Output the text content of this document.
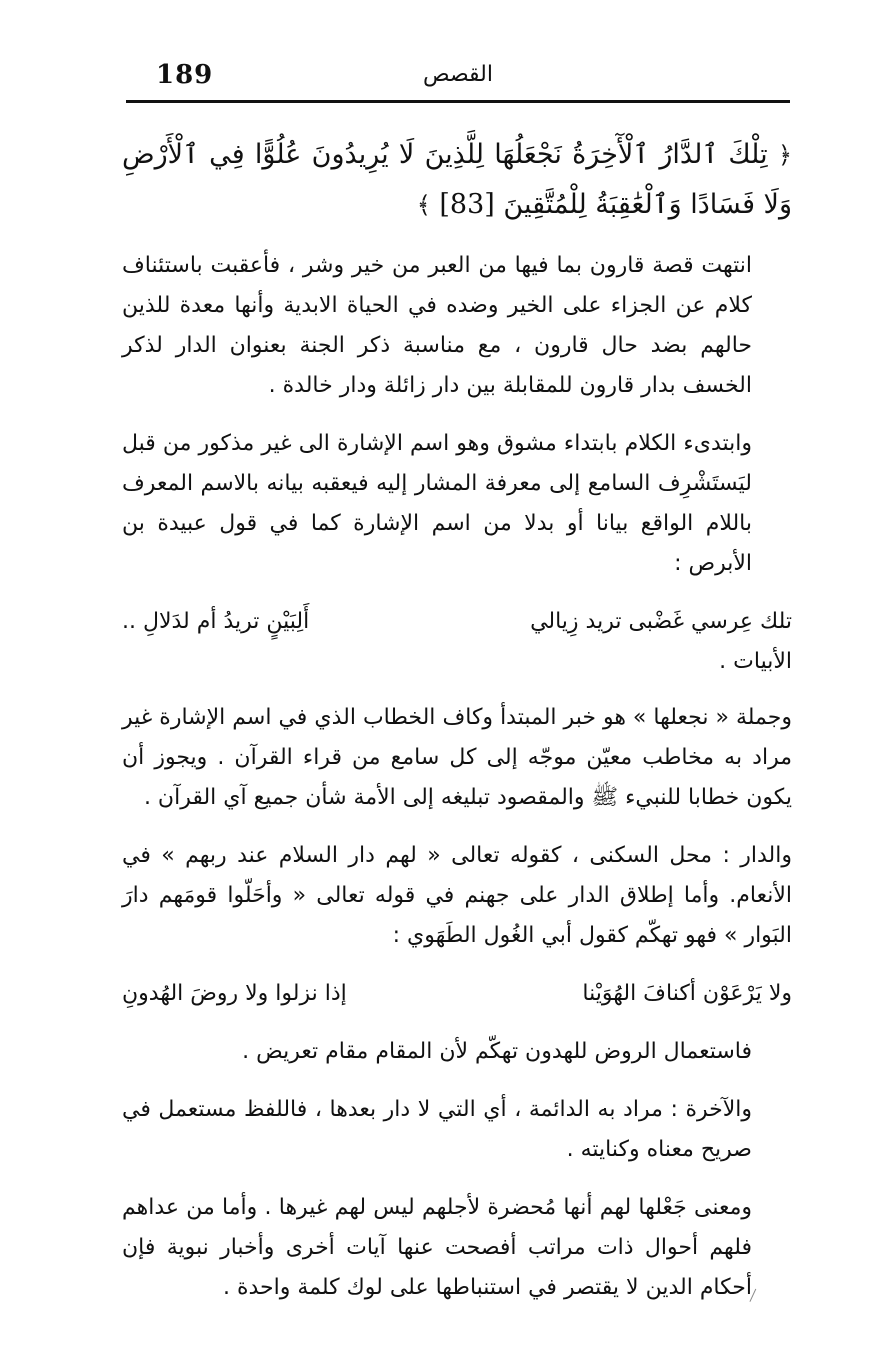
189	القصص

﴿ تِلْكَ ٱلدَّارُ ٱلْأٓخِرَةُ نَجْعَلُهَا لِلَّذِينَ لَا يُرِيدُونَ عُلُوًّا فِي ٱلْأَرْضِ وَلَا فَسَادًا وَٱلْعَٰقِبَةُ لِلْمُتَّقِينَ [83] ﴾

انتهت قصة قارون بما فيها من العبر من خير وشر ، فأعقبت باستئناف كلام عن الجزاء على الخير وضده في الحياة الابدية وأنها معدة للذين حالهم بضد حال قارون ، مع مناسبة ذكر الجنة بعنوان الدار لذكر الخسف بدار قارون للمقابلة بين دار زائلة ودار خالدة .

وابتدىء الكلام بابتداء مشوق وهو اسم الإشارة الى غير مذكور من قبل ليَستَشْرِف السامع إلى معرفة المشار إليه فيعقبه بيانه بالاسم المعرف باللام الواقع بيانا أو بدلا من اسم الإشارة كما في قول عبيدة بن الأبرص :

تلك عِرسي غَضْبى تريد زِيالي
أَلِبَيْنٍ تريدُ أم لدَلالِ ..

الأبيات .

وجملة « نجعلها » هو خبر المبتدأ وكاف الخطاب الذي في اسم الإشارة غير مراد به مخاطب معيّن موجّه إلى كل سامع من قراء القرآن . ويجوز أن يكون خطابا للنبيء ﷺ والمقصود تبليغه إلى الأمة شأن جميع آي القرآن .

والدار : محل السكنى ، كقوله تعالى « لهم دار السلام عند ربهم » في الأنعام. وأما إطلاق الدار على جهنم في قوله تعالى « وأحَلّوا قومَهم دارَ البَوار » فهو تهكّم كقول أبي الغُول الطَهَوي :

ولا يَرْعَوْن أكنافَ الهُوَيْنا
إذا نزلوا ولا روضَ الهُدونِ

فاستعمال الروض للهدون تهكّم لأن المقام مقام تعريض .

والآخرة : مراد به الدائمة ، أي التي لا دار بعدها ، فاللفظ مستعمل في صريح معناه وكنايته .

ومعنى جَعْلها لهم أنها مُحضرة لأجلهم ليس لهم غيرها . وأما من عداهم فلهم أحوال ذات مراتب أفصحت عنها آيات أخرى وأخبار نبوية فإن أحكام الدين لا يقتصر في استنباطها على لوك كلمة واحدة .
